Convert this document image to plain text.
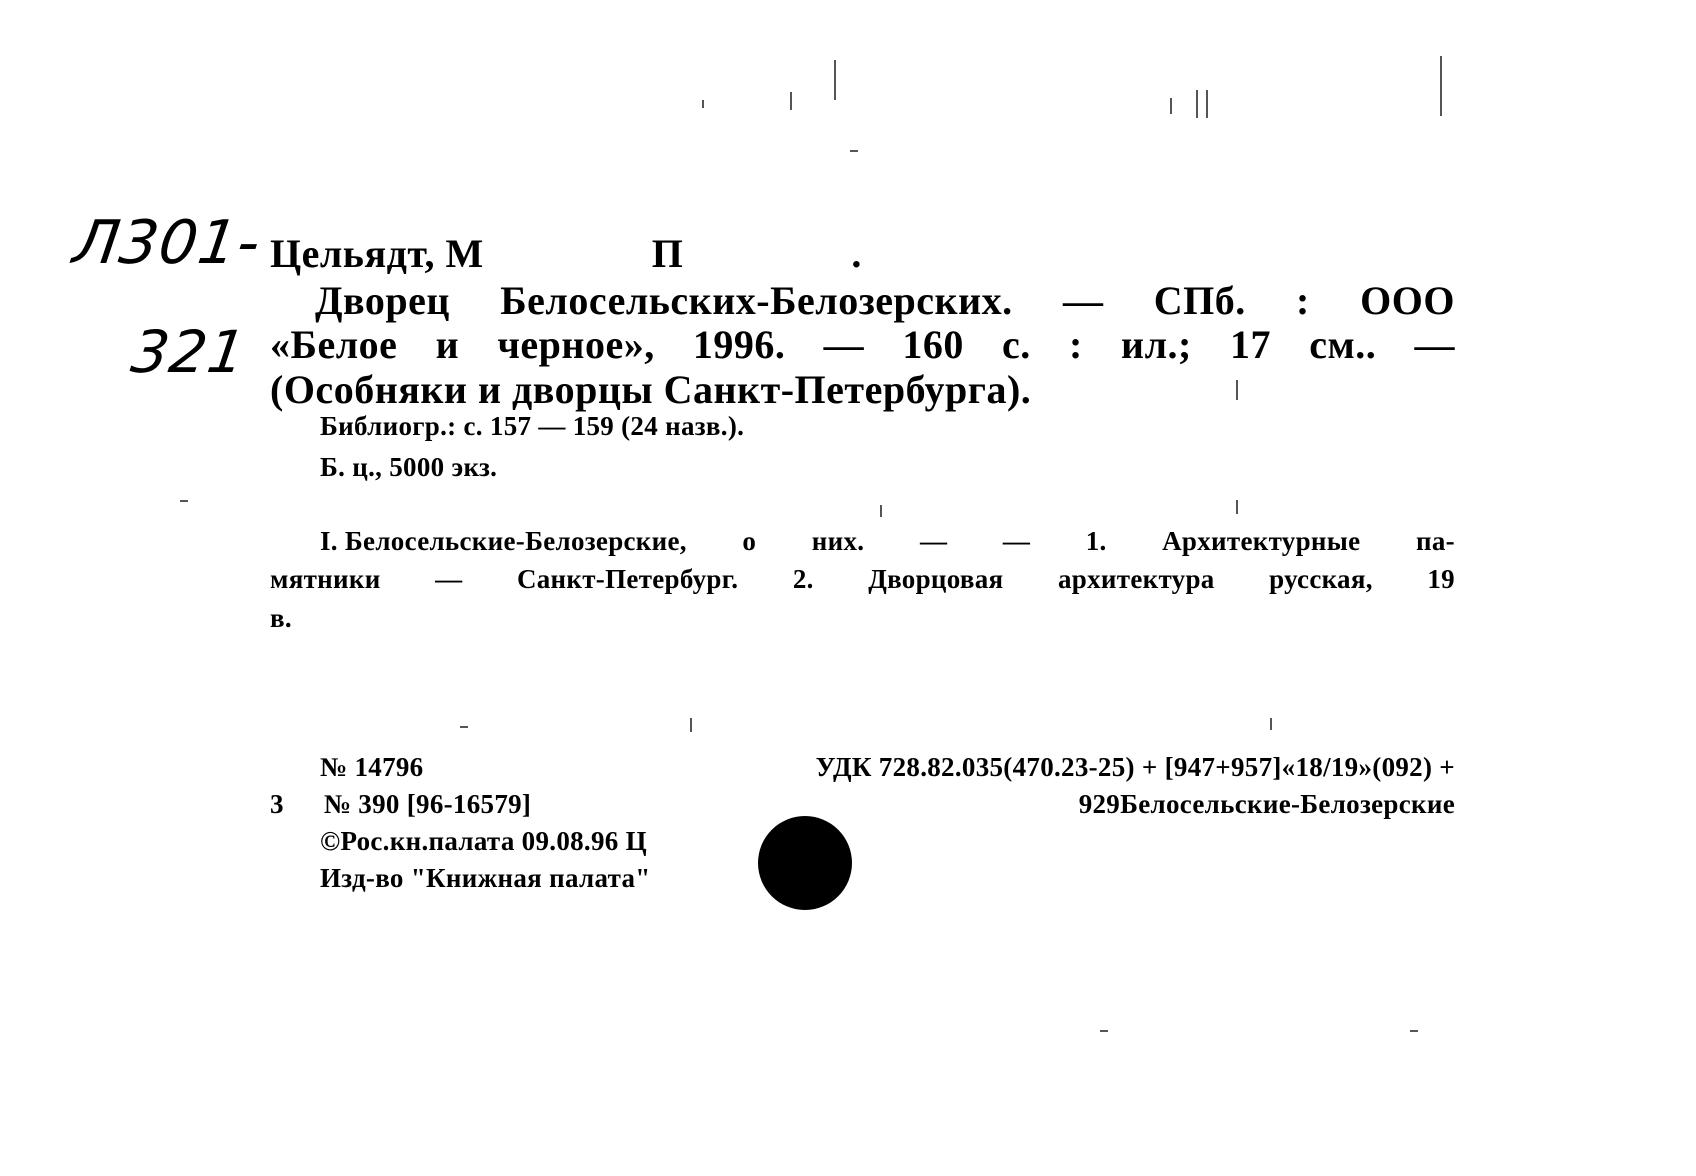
Л301-
321
Цельядт, М	П	.
Дворец Белосельских-Белозерских. — СПб. : ООО
«Белое и черное», 1996. — 160 с. : ил.; 17 см.. —
(Особняки и дворцы Санкт-Петербурга).
Библиогр.: с. 157 — 159 (24 назв.).
Б. ц., 5000 экз.
I. Белосельские-Белозерские, о них. — — 1. Архитектурные па-
мятники — Санкт-Петербург. 2. Дворцовая архитектура русская, 19
в.
№ 14796	УДК 728.82.035(470.23-25) + [947+957]«18/19»(092) +
3 № 390 [96-16579]	929Белосельские-Белозерские
©Рос.кн.палата 09.08.96 Ц
Изд-во "Книжная палата"
